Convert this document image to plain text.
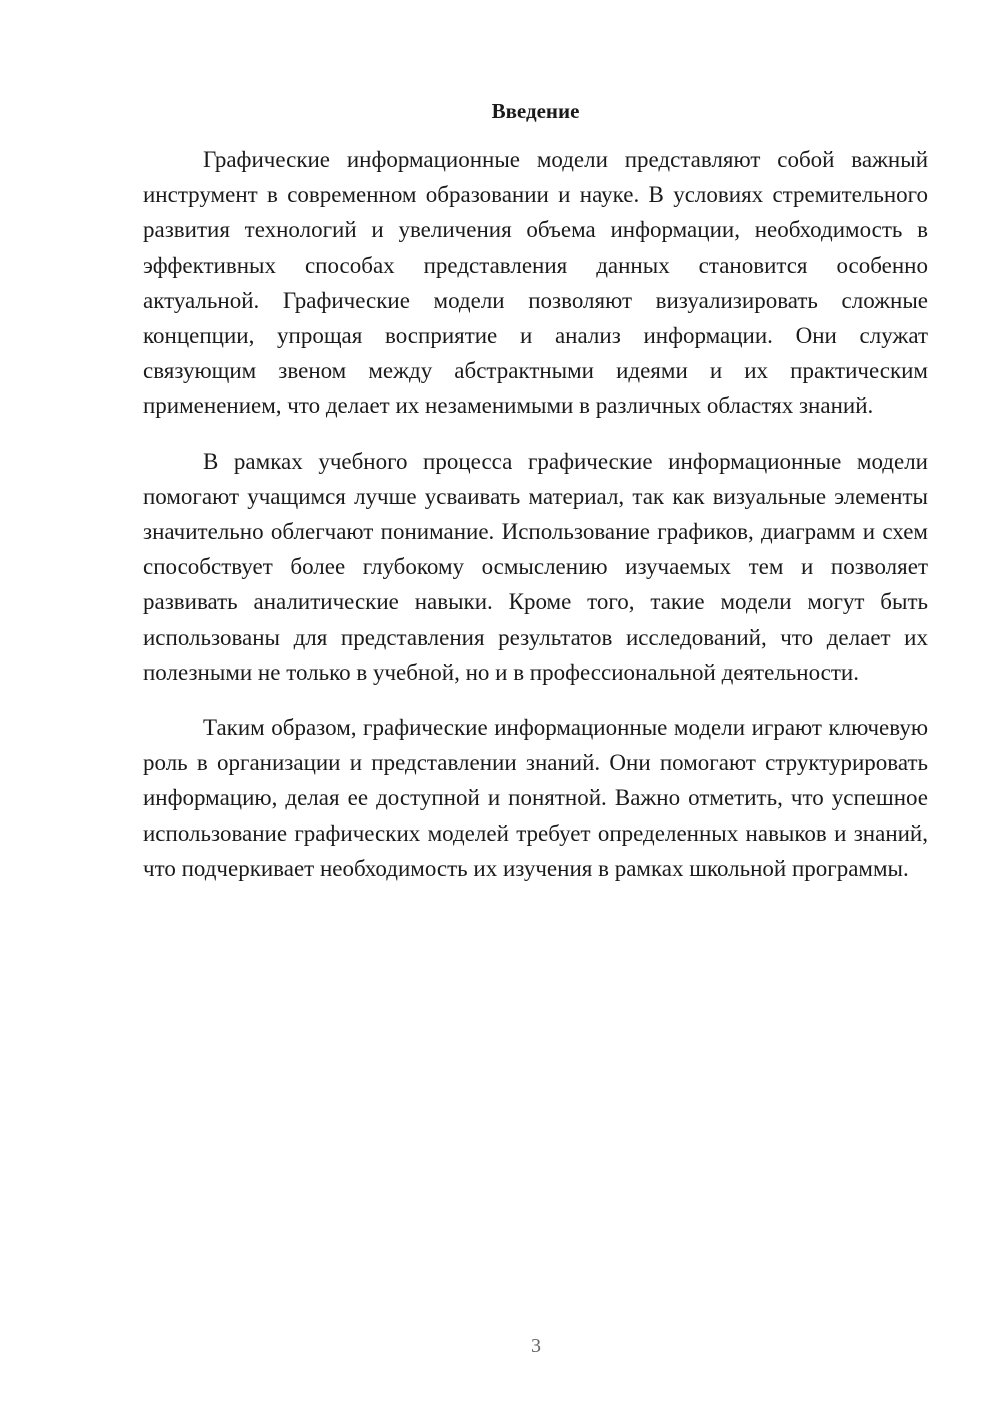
Введение

Графические информационные модели представляют собой важный инструмент в современном образовании и науке. В условиях стремительного развития технологий и увеличения объема информации, необходимость в эффективных способах представления данных становится особенно актуальной. Графические модели позволяют визуализировать сложные концепции, упрощая восприятие и анализ информации. Они служат связующим звеном между абстрактными идеями и их практическим применением, что делает их незаменимыми в различных областях знаний.

В рамках учебного процесса графические информационные модели помогают учащимся лучше усваивать материал, так как визуальные элементы значительно облегчают понимание. Использование графиков, диаграмм и схем способствует более глубокому осмыслению изучаемых тем и позволяет развивать аналитические навыки. Кроме того, такие модели могут быть использованы для представления результатов исследований, что делает их полезными не только в учебной, но и в профессиональной деятельности.

Таким образом, графические информационные модели играют ключевую роль в организации и представлении знаний. Они помогают структурировать информацию, делая ее доступной и понятной. Важно отметить, что успешное использование графических моделей требует определенных навыков и знаний, что подчеркивает необходимость их изучения в рамках школьной программы.

3
